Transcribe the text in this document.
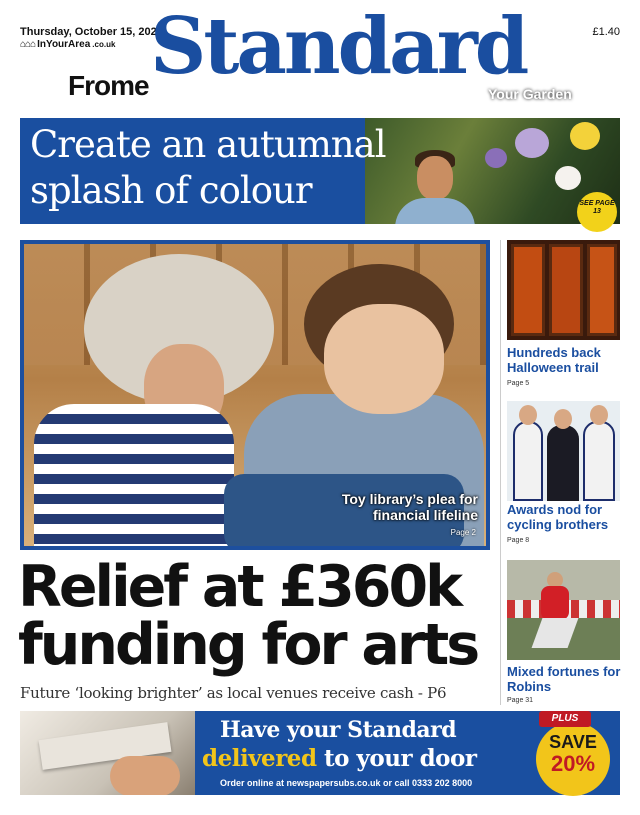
Thursday, October 15, 2020
⌂⌂⌂ InYourArea .co.uk
£1.40
Frome Standard
Create an autumnal splash of colour
Your Garden
SEE PAGE 13
Toy library’s plea for
financial lifeline
Page 2
Relief at £360k funding for arts
Future ‘looking brighter’ as local venues receive cash - P6
Hundreds back Halloween trail
Page 5
Awards nod for cycling brothers
Page 8
Mixed fortunes for Robins
Page 31
Have your Standard
delivered to your door
Order online at newspapersubs.co.uk or call 0333 202 8000
SAVE
20%
PLUS
